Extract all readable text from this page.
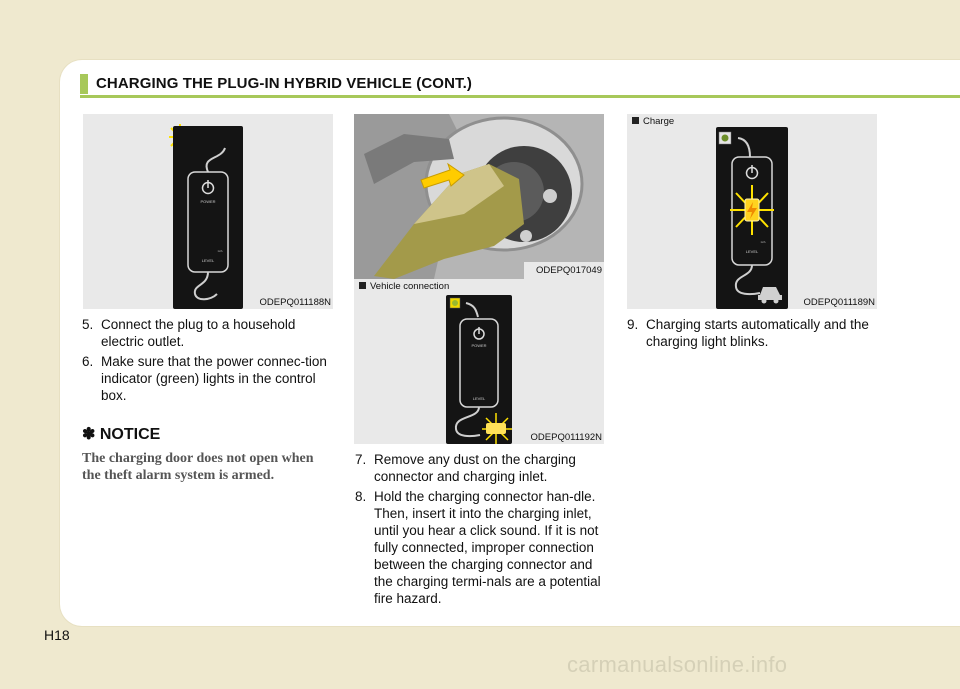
CHARGING THE PLUG-IN HYBRID VEHICLE (CONT.)
POWER
12A
LEVEL
ODEPQ011188N
ODEPQ017049
Vehicle connection
POWER
LEVEL
ODEPQ011192N
Charge
12A
LEVEL
ODEPQ011189N
5. Connect the plug to a household electric outlet.
6. Make sure that the power connec-tion indicator (green) lights in the control box.
✽ NOTICE
The charging door does not open when the theft alarm system is armed.
7. Remove any dust on the charging connector and charging inlet.
8. Hold the charging connector han-dle. Then, insert it into the charging inlet, until you hear a click sound. If it is not fully connected, improper connection between the charging connector and the charging termi-nals are a potential fire hazard.
9. Charging starts automatically and the charging light blinks.
H18
carmanualsonline.info
